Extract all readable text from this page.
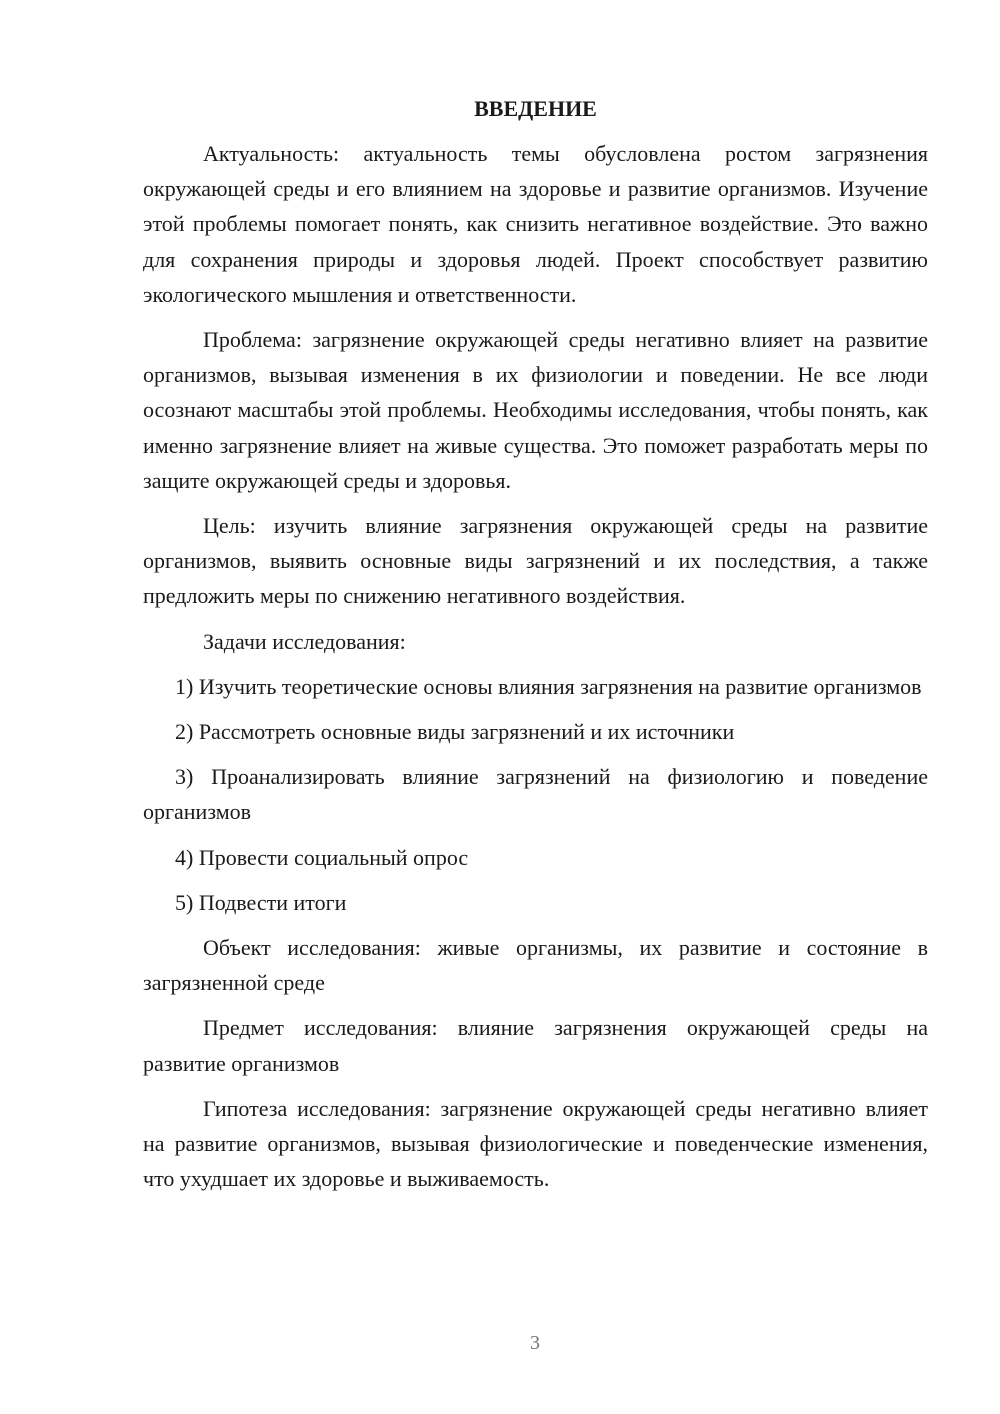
ВВЕДЕНИЕ

Актуальность: актуальность темы обусловлена ростом загрязнения окружающей среды и его влиянием на здоровье и развитие организмов. Изучение этой проблемы помогает понять, как снизить негативное воздействие. Это важно для сохранения природы и здоровья людей. Проект способствует развитию экологического мышления и ответственности.

Проблема: загрязнение окружающей среды негативно влияет на развитие организмов, вызывая изменения в их физиологии и поведении. Не все люди осознают масштабы этой проблемы. Необходимы исследования, чтобы понять, как именно загрязнение влияет на живые существа. Это поможет разработать меры по защите окружающей среды и здоровья.

Цель: изучить влияние загрязнения окружающей среды на развитие организмов, выявить основные виды загрязнений и их последствия, а также предложить меры по снижению негативного воздействия.

Задачи исследования:

1) Изучить теоретические основы влияния загрязнения на развитие организмов

2) Рассмотреть основные виды загрязнений и их источники

3) Проанализировать влияние загрязнений на физиологию и поведение организмов

4) Провести социальный опрос

5) Подвести итоги

Объект исследования: живые организмы, их развитие и состояние в загрязненной среде

Предмет исследования: влияние загрязнения окружающей среды на развитие организмов

Гипотеза исследования: загрязнение окружающей среды негативно влияет на развитие организмов, вызывая физиологические и поведенческие изменения, что ухудшает их здоровье и выживаемость.

3
